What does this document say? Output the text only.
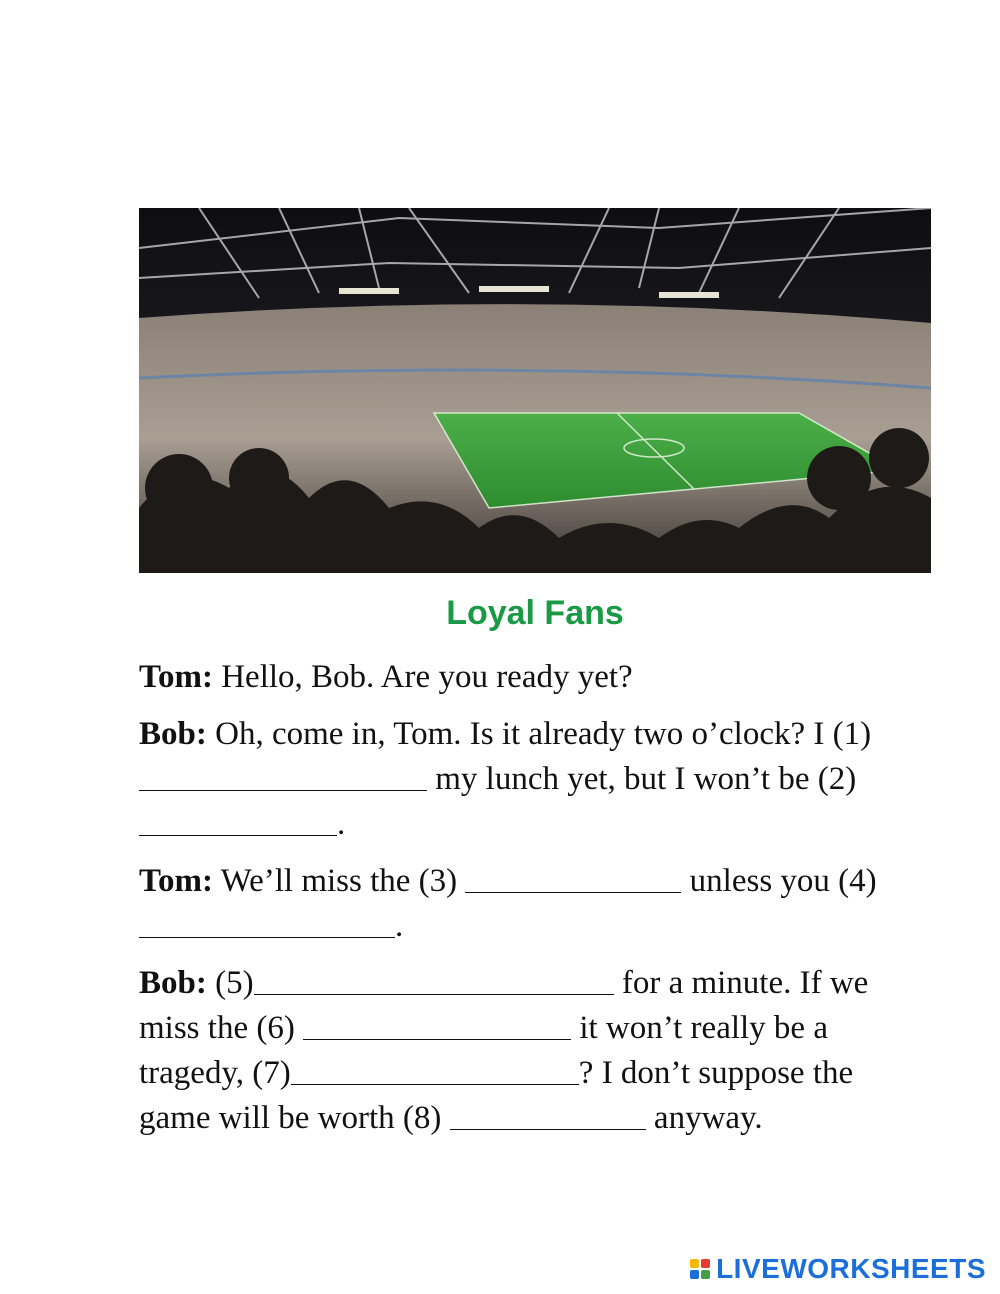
Loyal Fans

Tom: Hello, Bob. Are you ready yet?

Bob: Oh, come in, Tom. Is it already two o’clock? I (1) my lunch yet, but I won’t be (2) .

Tom: We’ll miss the (3)	unless you (4).

Bob: (5)	for a minute. If we miss the (6)	it won’t really be a tragedy, (7)	? I don’t suppose the game will be worth (8)	anyway.

LIVEWORKSHEETS
